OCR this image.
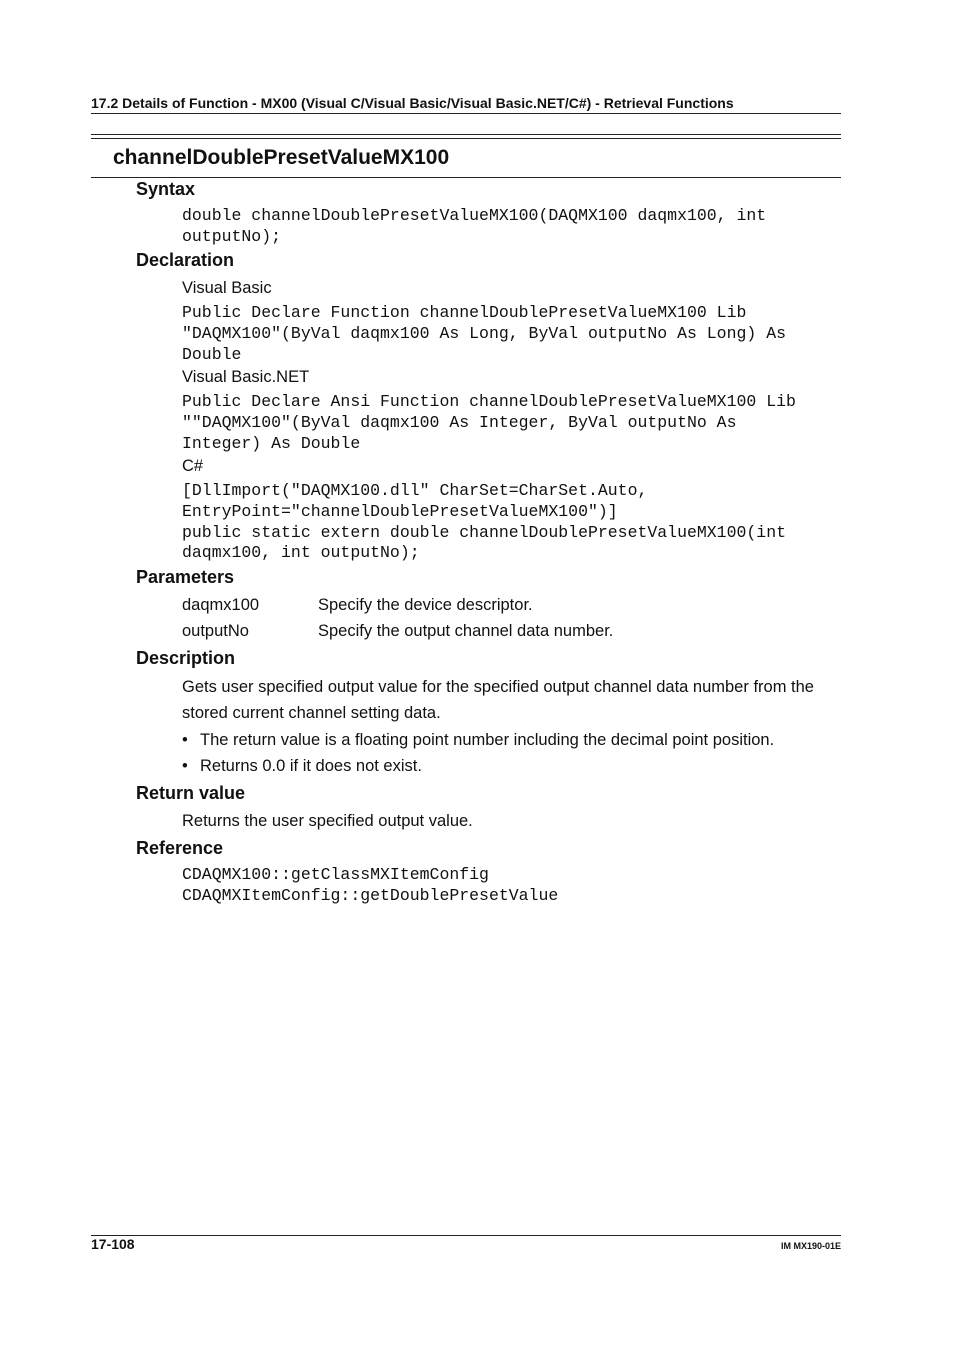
17.2 Details of Function - MX00 (Visual C/Visual Basic/Visual Basic.NET/C#) - Retrieval Functions
channelDoublePresetValueMX100
Syntax
double channelDoublePresetValueMX100(DAQMX100 daqmx100, int
outputNo);
Declaration
Visual Basic
Public Declare Function channelDoublePresetValueMX100 Lib
"DAQMX100"(ByVal daqmx100 As Long, ByVal outputNo As Long) As
Double
Visual Basic.NET
Public Declare Ansi Function channelDoublePresetValueMX100 Lib
""DAQMX100"(ByVal daqmx100 As Integer, ByVal outputNo As
Integer) As Double
C#
[DllImport("DAQMX100.dll" CharSet=CharSet.Auto,
EntryPoint="channelDoublePresetValueMX100")]
public static extern double channelDoublePresetValueMX100(int
daqmx100, int outputNo);
Parameters
daqmx100	Specify the device descriptor.
outputNo	Specify the output channel data number.
Description
Gets user specified output value for the specified output channel data number from the stored current channel setting data.
• The return value is a floating point number including the decimal point position.
• Returns 0.0 if it does not exist.
Return value
Returns the user specified output value.
Reference
CDAQMX100::getClassMXItemConfig
CDAQMXItemConfig::getDoublePresetValue
17-108	IM MX190-01E
